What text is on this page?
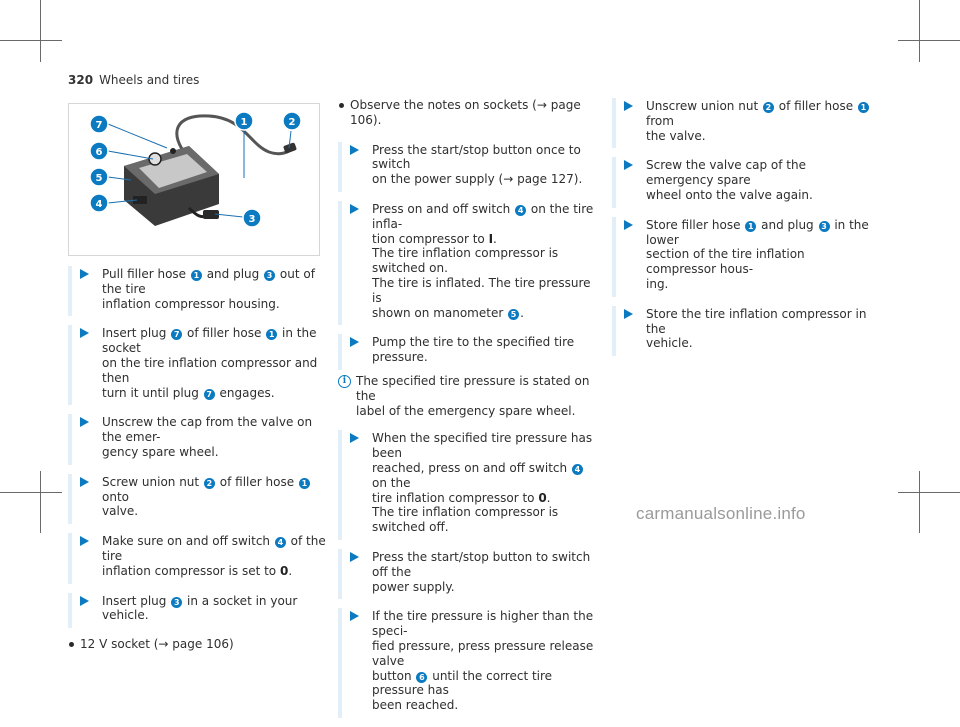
320 Wheels and tires
7
6
5
4
1	2
3
Pull filler hose 1 and plug 3 out of the tire
inflation compressor housing.
Insert plug 7 of filler hose 1 in the socket
on the tire inflation compressor and then
turn it until plug 7 engages.
Unscrew the cap from the valve on the emer-
gency spare wheel.
Screw union nut 2 of filler hose 1 onto
valve.
Make sure on and off switch 4 of the tire
inflation compressor is set to 0.
Insert plug 3 in a socket in your vehicle.
12 V socket (→ page 106)
Observe the notes on sockets (→ page 106).
Press the start/stop button once to switch
on the power supply (→ page 127).
Press on and off switch 4 on the tire infla-
tion compressor to I.
The tire inflation compressor is switched on.
The tire is inflated. The tire pressure is
shown on manometer 5 .
Pump the tire to the specified tire pressure.
i The specified tire pressure is stated on the
label of the emergency spare wheel.
When the specified tire pressure has been
reached, press on and off switch 4 on the
tire inflation compressor to 0.
The tire inflation compressor is switched off.
Press the start/stop button to switch off the
power supply.
If the tire pressure is higher than the speci-
fied pressure, press pressure release valve
button 6 until the correct tire pressure has
been reached.
Unscrew union nut 2 of filler hose 1 from
the valve.
Screw the valve cap of the emergency spare
wheel onto the valve again.
Store filler hose 1 and plug 3 in the lower
section of the tire inflation compressor hous-
ing.
Store the tire inflation compressor in the
vehicle.
carmanualsonline.info
